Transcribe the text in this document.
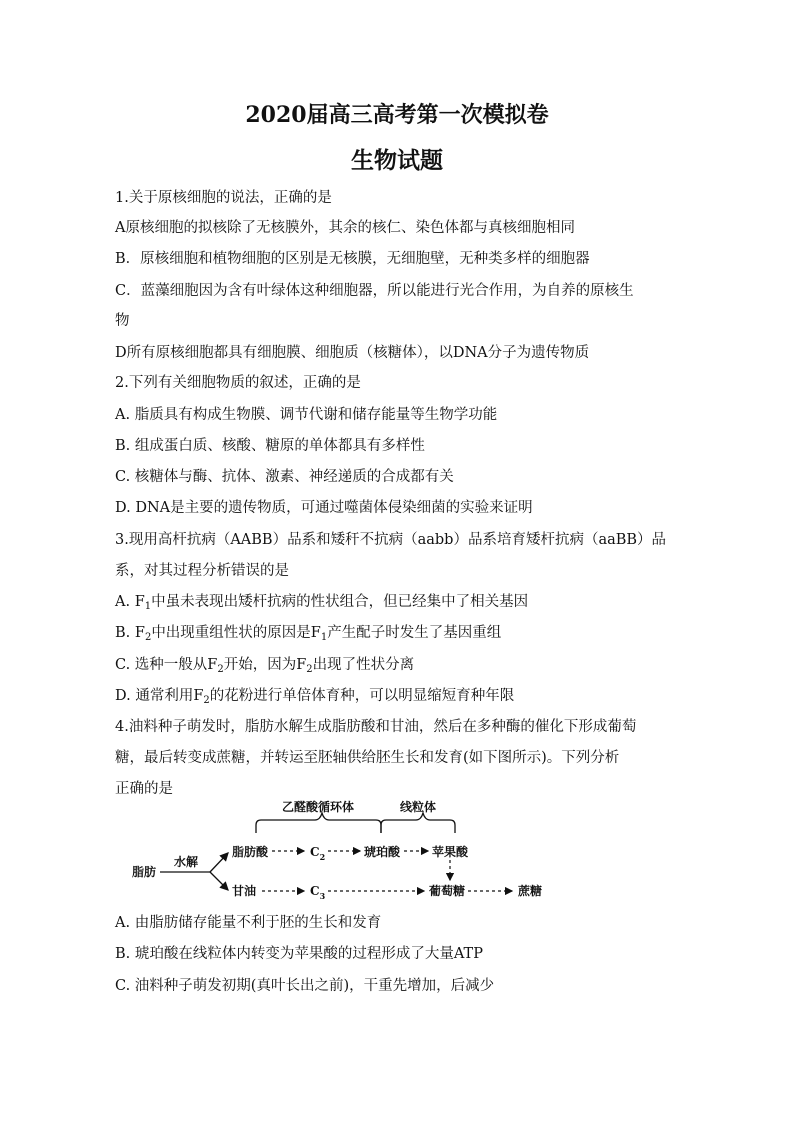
2020届高三高考第一次模拟卷
生物试题
1.关于原核细胞的说法，正确的是
A原核细胞的拟核除了无核膜外，其余的核仁、染色体都与真核细胞相同
B．原核细胞和植物细胞的区别是无核膜，无细胞壁，无种类多样的细胞器
C．蓝藻细胞因为含有叶绿体这种细胞器，所以能进行光合作用，为自养的原核生
物
D所有原核细胞都具有细胞膜、细胞质（核糖体），以DNA分子为遗传物质
2.下列有关细胞物质的叙述，正确的是
A. 脂质具有构成生物膜、调节代谢和储存能量等生物学功能
B. 组成蛋白质、核酸、糖原的单体都具有多样性
C. 核糖体与酶、抗体、激素、神经递质的合成都有关
D. DNA是主要的遗传物质，可通过噬菌体侵染细菌的实验来证明
3.现用高杆抗病（AABB）品系和矮秆不抗病（aabb）品系培育矮杆抗病（aaBB）品
系，对其过程分析错误的是
A. $F_1$中虽未表现出矮杆抗病的性状组合，但已经集中了相关基因
B. $F_2$中出现重组性状的原因是$F_1$产生配子时发生了基因重组
C. 选种一般从$F_2$开始，因为$F_2$出现了性状分离
D. 通常利用$F_2$的花粉进行单倍体育种，可以明显缩短育种年限
4.油料种子萌发时，脂肪水解生成脂肪酸和甘油，然后在多种酶的催化下形成葡萄
糖，最后转变成蔗糖，并转运至胚轴供给胚生长和发育(如下图所示)。下列分析
正确的是
乙醛酸循环体	线粒体
脂肪
水解
脂肪酸	$C_2$	琥珀酸	苹果酸
甘油	$C_3$	葡萄糖	蔗糖
A. 由脂肪储存能量不利于胚的生长和发育
B. 琥珀酸在线粒体内转变为苹果酸的过程形成了大量ATP
C. 油料种子萌发初期(真叶长出之前)，干重先增加，后减少
